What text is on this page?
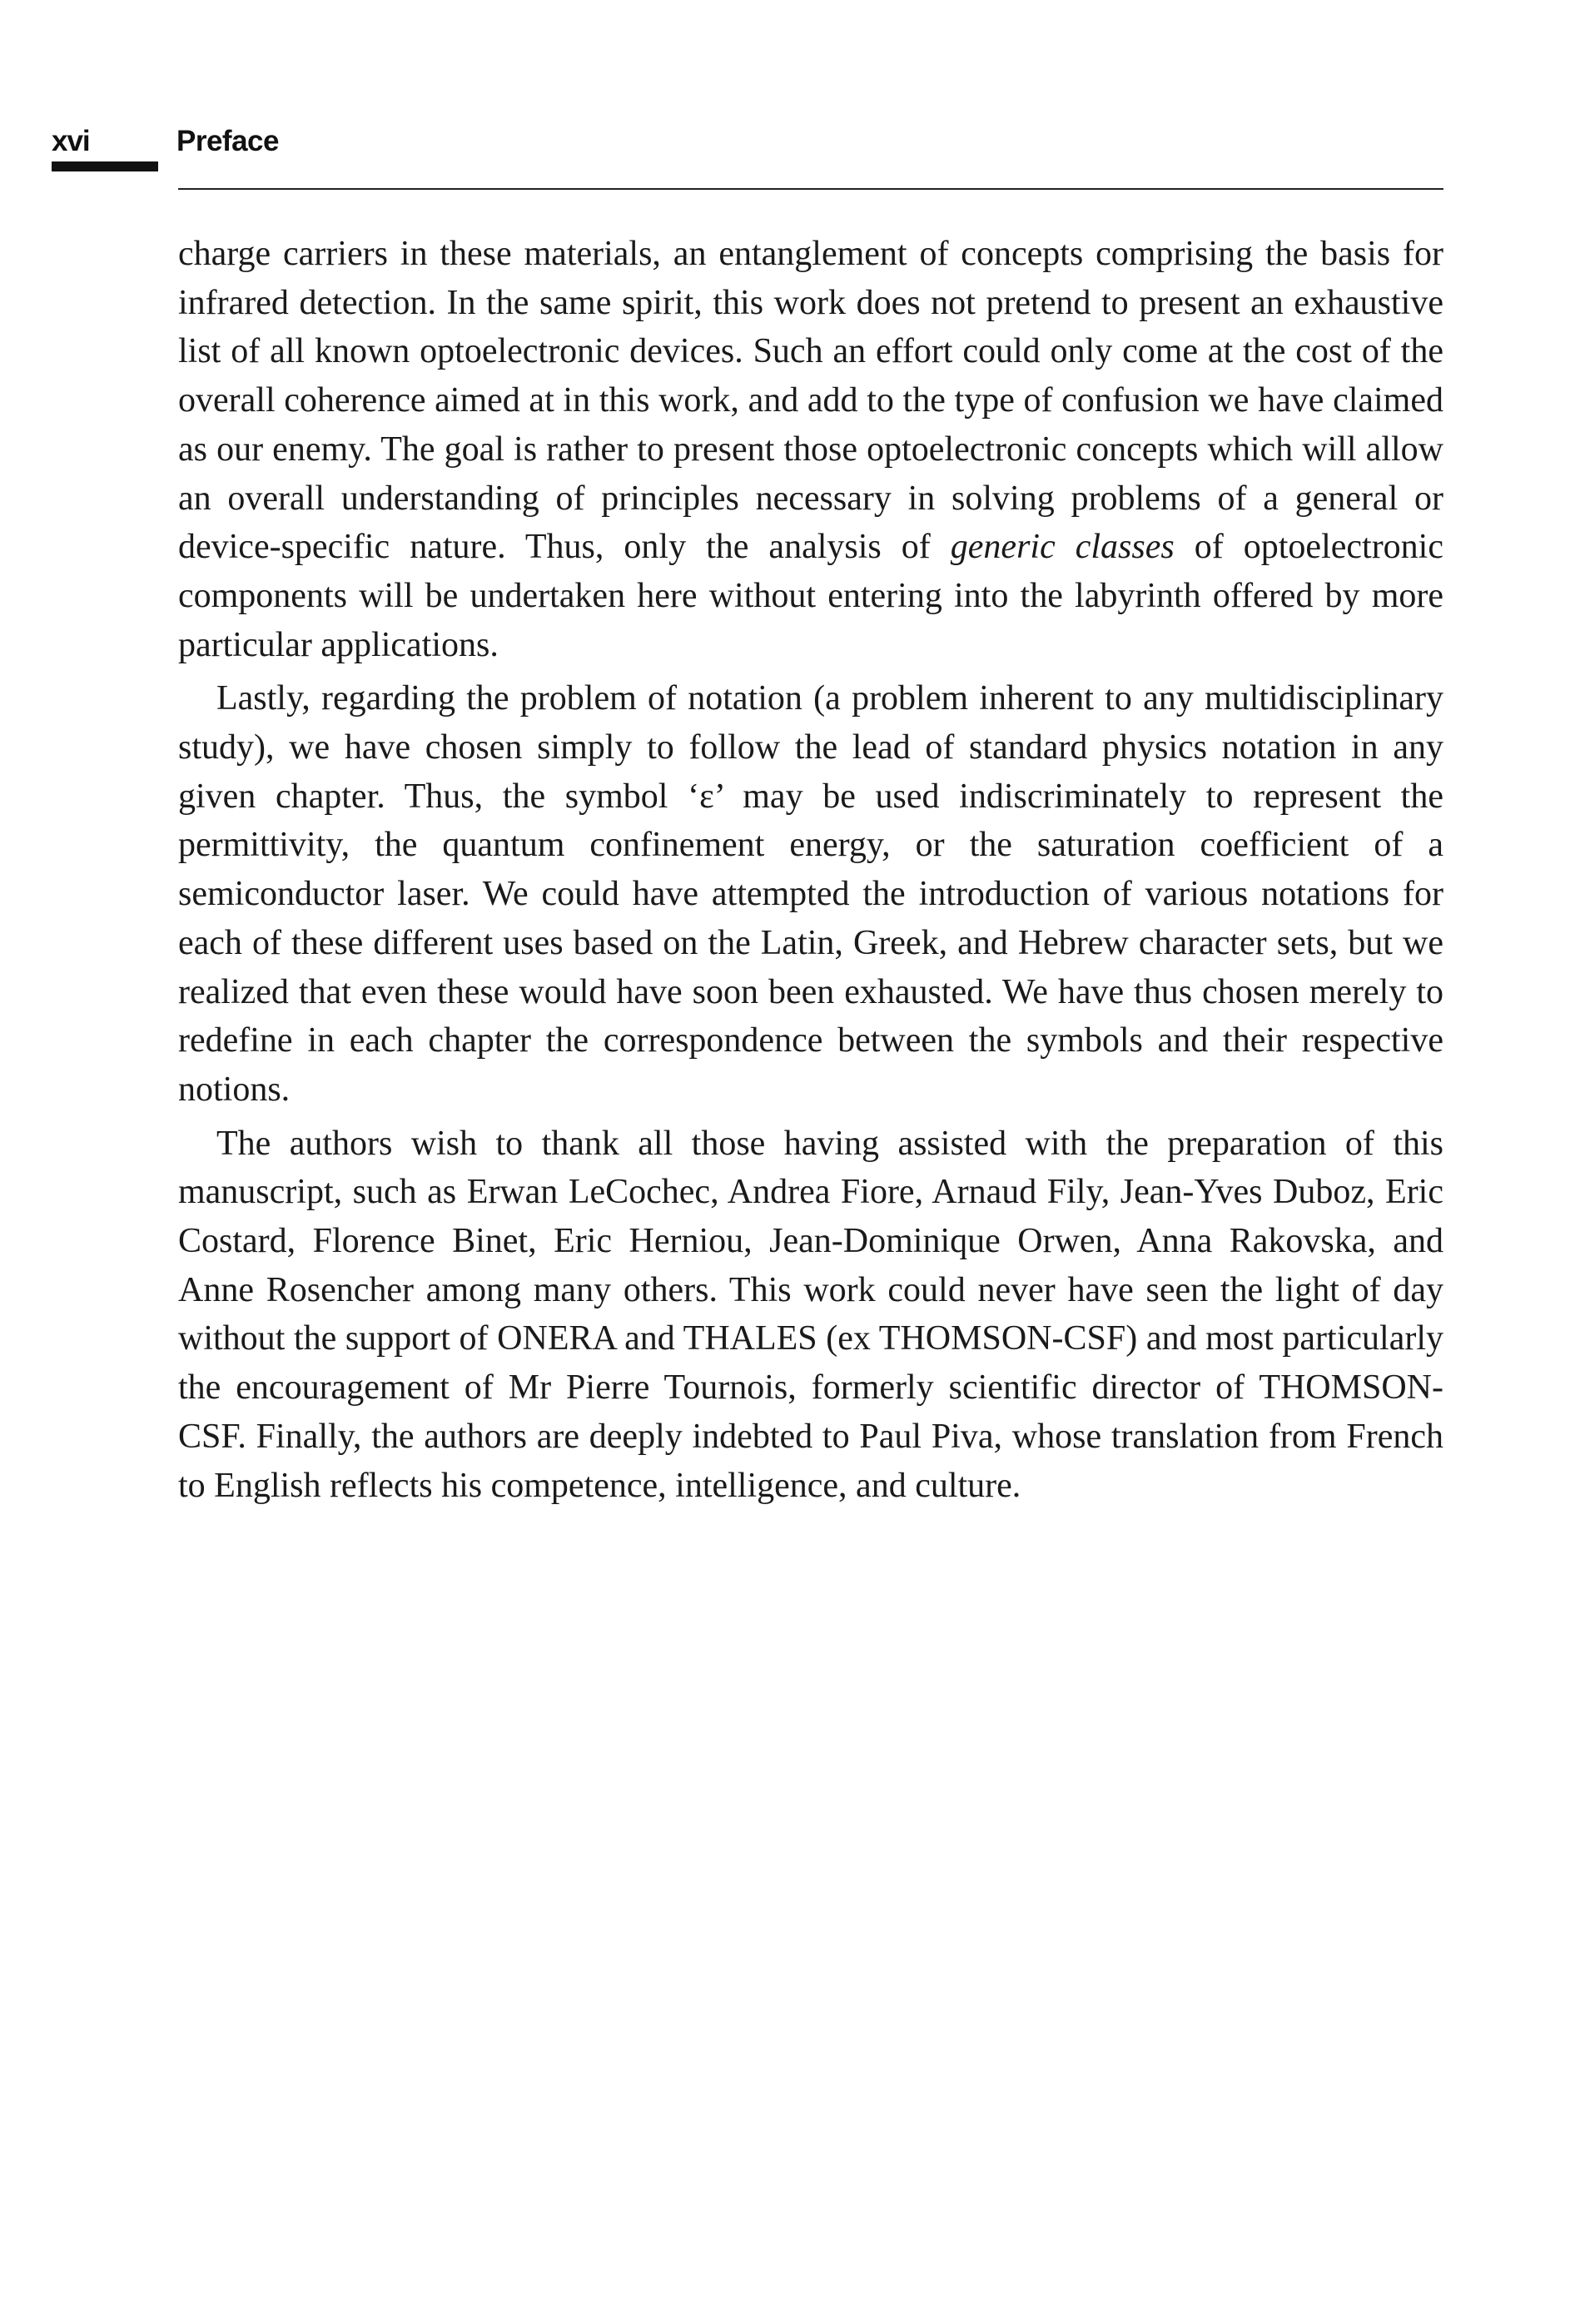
xvi	Preface

charge carriers in these materials, an entanglement of concepts comprising the basis for infrared detection. In the same spirit, this work does not pretend to present an exhaustive list of all known optoelectronic devices. Such an effort could only come at the cost of the overall coherence aimed at in this work, and add to the type of confusion we have claimed as our enemy. The goal is rather to present those optoelectronic concepts which will allow an overall understanding of principles necessary in solving problems of a general or device-specific nature. Thus, only the analysis of generic classes of optoelectronic components will be undertaken here without entering into the labyrinth offered by more particular applications.

Lastly, regarding the problem of notation (a problem inherent to any multidisciplinary study), we have chosen simply to follow the lead of standard physics notation in any given chapter. Thus, the symbol ‘ε’ may be used indiscriminately to represent the permittivity, the quantum confinement energy, or the saturation coefficient of a semiconductor laser. We could have attempted the introduction of various notations for each of these different uses based on the Latin, Greek, and Hebrew character sets, but we realized that even these would have soon been exhausted. We have thus chosen merely to redefine in each chapter the correspondence between the symbols and their respective notions.

The authors wish to thank all those having assisted with the preparation of this manuscript, such as Erwan LeCochec, Andrea Fiore, Arnaud Fily, Jean-Yves Duboz, Eric Costard, Florence Binet, Eric Herniou, Jean-Dominique Orwen, Anna Rakovska, and Anne Rosencher among many others. This work could never have seen the light of day without the support of ONERA and THALES (ex THOMSON-CSF) and most particularly the encouragement of Mr Pierre Tournois, formerly scientific director of THOMSON-CSF. Finally, the authors are deeply indebted to Paul Piva, whose translation from French to English reflects his competence, intelligence, and culture.
